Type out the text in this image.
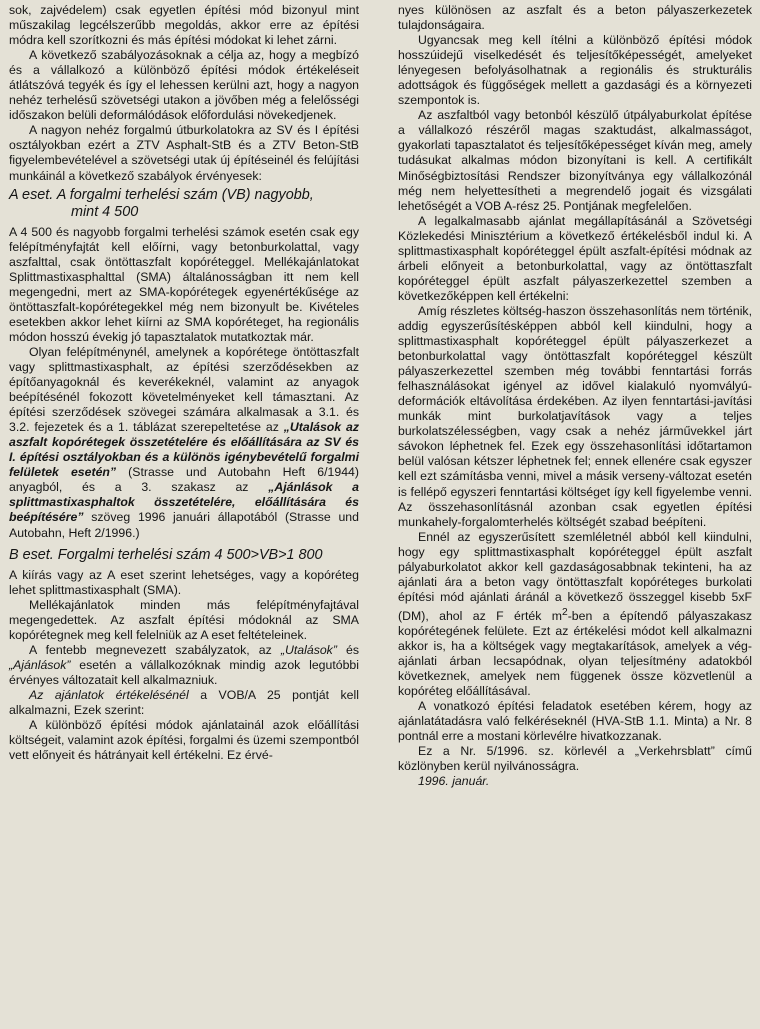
sok, zajvédelem) csak egyetlen építési mód bizonyul mint műszakilag legcélszerűbb megoldás, akkor erre az építési módra kell szorítkozni és más építési módokat ki lehet zárni.

A következő szabályozásoknak a célja az, hogy a megbízó és a vállalkozó a különböző építési módok értékeléseit átlátszóvá tegyék és így el lehessen kerülni azt, hogy a nagyon nehéz terhelésű szövetségi utakon a jövőben még a felelősségi időszakon belüli deformálódások előfordulási növekedjenek.

A nagyon nehéz forgalmú útburkolatokra az SV és I építési osztályokban ezért a ZTV Asphalt-StB és a ZTV Beton-StB figyelembevételével a szövetségi utak új építéseinél és felújítási munkáinál a következő szabályok érvényesek:

A eset. A forgalmi terhelési szám (VB) nagyobb,
mint 4 500

A 4 500 és nagyobb forgalmi terhelési számok esetén csak egy felépítményfajtát kell előírni, vagy betonburkolattal, vagy aszfalttal, csak öntöttaszfalt kopóréteggel. Mellékajánlatokat Splittmastixasphalttal (SMA) általánosságban itt nem kell megengedni, mert az SMA-kopórétegek egyenértékűsége az öntöttaszfalt-kopórétegekkel még nem bizonyult be. Kivételes esetekben akkor lehet kiírni az SMA kopóréteget, ha regionális módon hosszú évekig jó tapasztalatok mutatkoztak már.

Olyan felépítménynél, amelynek a kopórétege öntöttaszfalt vagy splittmastixasphalt, az építési szerződésekben az építőanyagoknál és keverékeknél, valamint az anyagok beépítésénél fokozott követelményeket kell támasztani. Az építési szerződések szövegei számára alkalmasak a 3.1. és 3.2. fejezetek és a 1. táblázat szerepeltetése az „Utalások az aszfalt kopórétegek összetételére és előállítására az SV és I. építési osztályokban és a különös igénybevételű forgalmi felületek esetén” (Strasse und Autobahn Heft 6/1944) anyagból, és a 3. szakasz az „Ajánlások a splittmastixasphaltok összetételére, előállítására és beépítésére” szöveg 1996 januári állapotából (Strasse und Autobahn, Heft 2/1996.)

B eset. Forgalmi terhelési szám 4 500>VB>1 800

A kiírás vagy az A eset szerint lehetséges, vagy a kopóréteg lehet splittmastixasphalt (SMA).

Mellékajánlatok minden más felépítményfajtával megengedettek. Az aszfalt építési módoknál az SMA kopórétegnek meg kell felelniük az A eset feltételeinek.

A fentebb megnevezett szabályzatok, az „Utalások” és „Ajánlások” esetén a vállalkozóknak mindig azok legutóbbi érvényes változatait kell alkalmazniuk.

Az ajánlatok értékelésénél a VOB/A 25 pontját kell alkalmazni, Ezek szerint:

A különböző építési módok ajánlatainál azok előállítási költségeit, valamint azok építési, forgalmi és üzemi szempontból vett előnyeit és hátrányait kell értékelni. Ez érvé-

nyes különösen az aszfalt és a beton pályaszerkezetek tulajdonságaira.

Ugyancsak meg kell ítélni a különböző építési módok hosszúidejű viselkedését és teljesítőképességét, amelyeket lényegesen befolyásolhatnak a regionális és strukturális adottságok és függőségek mellett a gazdasági és a környezeti szempontok is.

Az aszfaltból vagy betonból készülő útpályaburkolat építése a vállalkozó részéről magas szaktudást, alkalmasságot, gyakorlati tapasztalatot és teljesítőképességet kíván meg, amely tudásukat alkalmas módon bizonyítani is kell. A certifikált Minőségbiztosítási Rendszer bizonyítványa egy vállalkozónál még nem helyettesítheti a megrendelő jogait és vizsgálati lehetőségét a VOB A-rész 25. Pontjának megfelelően.

A legalkalmasabb ajánlat megállapításánál a Szövetségi Közlekedési Minisztérium a következő értékelésből indul ki. A splittmastixasphalt kopóréteggel épült aszfalt-építési módnak az árbeli előnyeit a betonburkolattal, vagy az öntöttaszfalt kopóréteggel épült aszfalt pályaszerkezettel szemben a következőképpen kell értékelni:

Amíg részletes költség-haszon összehasonlítás nem történik, addig egyszerűsítésképpen abból kell kiindulni, hogy a splittmastixasphalt kopóréteggel épült pályaszerkezet a betonburkolattal vagy öntöttaszfalt kopóréteggel készült pályaszerkezettel szemben még további fenntartási forrás felhasználásokat igényel az idővel kialakuló nyomvályú-deformációk eltávolítása érdekében. Az ilyen fenntartási-javítási munkák mint burkolatjavítások vagy a teljes burkolatszélességben, vagy csak a nehéz járművekkel járt sávokon léphetnek fel. Ezek egy összehasonlítási időtartamon belül valósan kétszer léphetnek fel; ennek ellenére csak egyszer kell ezt számításba venni, mivel a másik verseny-változat esetén is fellépő egyszeri fenntartási költséget így kell figyelembe venni. Az összehasonlításnál azonban csak egyetlen építési munkahely-forgalomterhelés költségét szabad beépíteni.

Ennél az egyszerűsített szemléletnél abból kell kiindulni, hogy egy splittmastixasphalt kopóréteggel épült aszfalt pályaburkolatot akkor kell gazdaságosabbnak tekinteni, ha az ajánlati ára a beton vagy öntöttaszfalt kopóréteges burkolati építési mód ajánlati áránál a következő összeggel kisebb 5xF (DM), ahol az F érték $m^2$-ben a építendő pályaszakasz kopórétegének felülete. Ezt az értékelési módot kell alkalmazni akkor is, ha a költségek vagy megtakarítások, amelyek a vég-ajánlati árban lecsapódnak, olyan teljesítmény adatokból következnek, amelyek nem függenek össze közvetlenül a kopóréteg előállításával.

A vonatkozó építési feladatok esetében kérem, hogy az ajánlatátadásra való felkéréseknél (HVA-StB 1.1. Minta) a Nr. 8 pontnál erre a mostani körlevélre hivatkozzanak.

Ez a Nr. 5/1996. sz. körlevél a „Verkehrsblatt” című közlönyben kerül nyilvánosságra.

1996. január.
